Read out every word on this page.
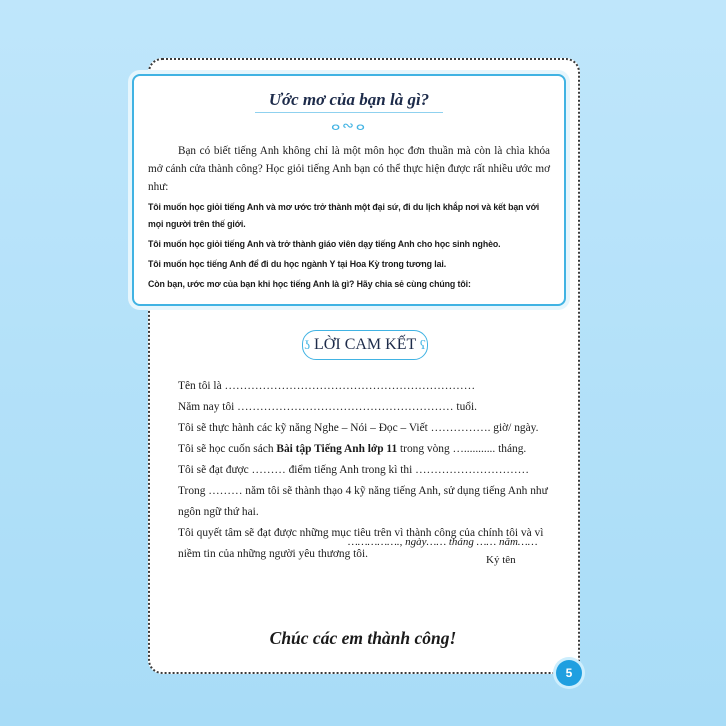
Ước mơ của bạn là gì?
ⴰ∾ⴰ

Bạn có biết tiếng Anh không chỉ là một môn học đơn thuần mà còn là chìa khóa mở cánh cửa thành công? Học giỏi tiếng Anh bạn có thể thực hiện được rất nhiều ước mơ như:

Tôi muốn học giỏi tiếng Anh và mơ ước trở thành một đại sứ, đi du lịch khắp nơi và kết bạn với mọi người trên thế giới.

Tôi muốn học giỏi tiếng Anh và trở thành giáo viên dạy tiếng Anh cho học sinh nghèo.

Tôi muốn học tiếng Anh để đi du học ngành Y tại Hoa Kỳ trong tương lai.

Còn bạn, ước mơ của bạn khi học tiếng Anh là gì? Hãy chia sẻ cùng chúng tôi:

ʖ LỜI CAM KẾT ʕ
Tên tôi là …………………………………………………………
Năm nay tôi ………………………………………………… tuổi.
Tôi sẽ thực hành các kỹ năng Nghe – Nói – Đọc – Viết ……………. giờ/ ngày.
Tôi sẽ học cuốn sách Bài tập Tiếng Anh lớp 11 trong vòng …........... tháng.
Tôi sẽ đạt được ……… điểm tiếng Anh trong kì thi …………………………
Trong ……… năm tôi sẽ thành thạo 4 kỹ năng tiếng Anh, sử dụng tiếng Anh như ngôn ngữ thứ hai.
Tôi quyết tâm sẽ đạt được những mục tiêu trên vì thành công của chính tôi và vì niềm tin của những người yêu thương tôi.
……………., ngày…… tháng …… năm……
Ký tên
Chúc các em thành công!
5
